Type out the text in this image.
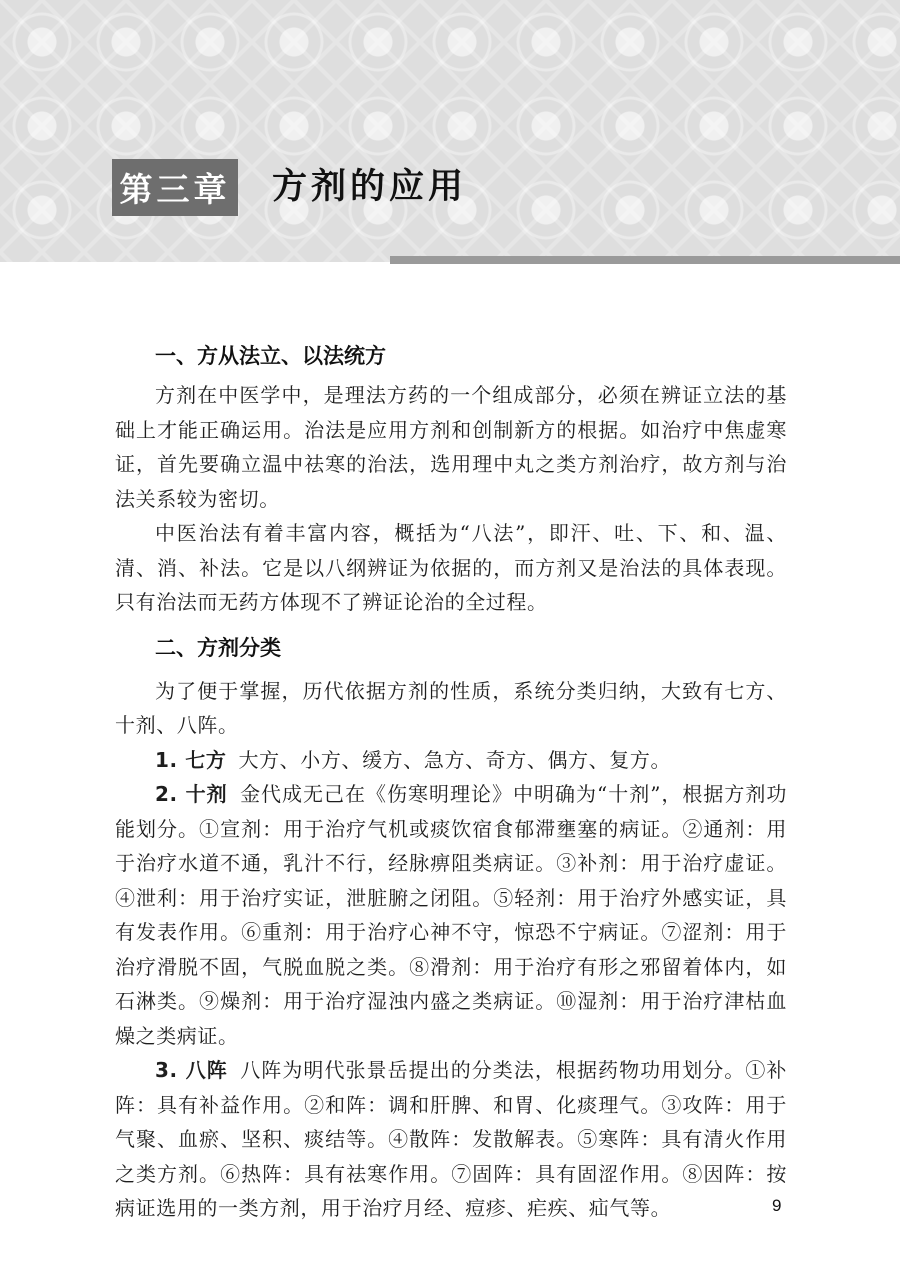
第三章 方剂的应用
一、方从法立、以法统方

方剂在中医学中，是理法方药的一个组成部分，必须在辨证立法的基础上才能正确运用。治法是应用方剂和创制新方的根据。如治疗中焦虚寒证，首先要确立温中祛寒的治法，选用理中丸之类方剂治疗，故方剂与治法关系较为密切。

中医治法有着丰富内容，概括为“八法”，即汗、吐、下、和、温、清、消、补法。它是以八纲辨证为依据的，而方剂又是治法的具体表现。只有治法而无药方体现不了辨证论治的全过程。

二、方剂分类

为了便于掌握，历代依据方剂的性质，系统分类归纳，大致有七方、十剂、八阵。

1. 七方 大方、小方、缓方、急方、奇方、偶方、复方。

2. 十剂 金代成无己在《伤寒明理论》中明确为“十剂”，根据方剂功能划分。①宣剂：用于治疗气机或痰饮宿食郁滞壅塞的病证。②通剂：用于治疗水道不通，乳汁不行，经脉痹阻类病证。③补剂：用于治疗虚证。④泄利：用于治疗实证，泄脏腑之闭阻。⑤轻剂：用于治疗外感实证，具有发表作用。⑥重剂：用于治疗心神不守，惊恐不宁病证。⑦涩剂：用于治疗滑脱不固，气脱血脱之类。⑧滑剂：用于治疗有形之邪留着体内，如石淋类。⑨燥剂：用于治疗湿浊内盛之类病证。⑩湿剂：用于治疗津枯血燥之类病证。

3. 八阵 八阵为明代张景岳提出的分类法，根据药物功用划分。①补阵：具有补益作用。②和阵：调和肝脾、和胃、化痰理气。③攻阵：用于气聚、血瘀、坚积、痰结等。④散阵：发散解表。⑤寒阵：具有清火作用之类方剂。⑥热阵：具有祛寒作用。⑦固阵：具有固涩作用。⑧因阵：按病证选用的一类方剂，用于治疗月经、痘疹、疟疾、疝气等。	9
